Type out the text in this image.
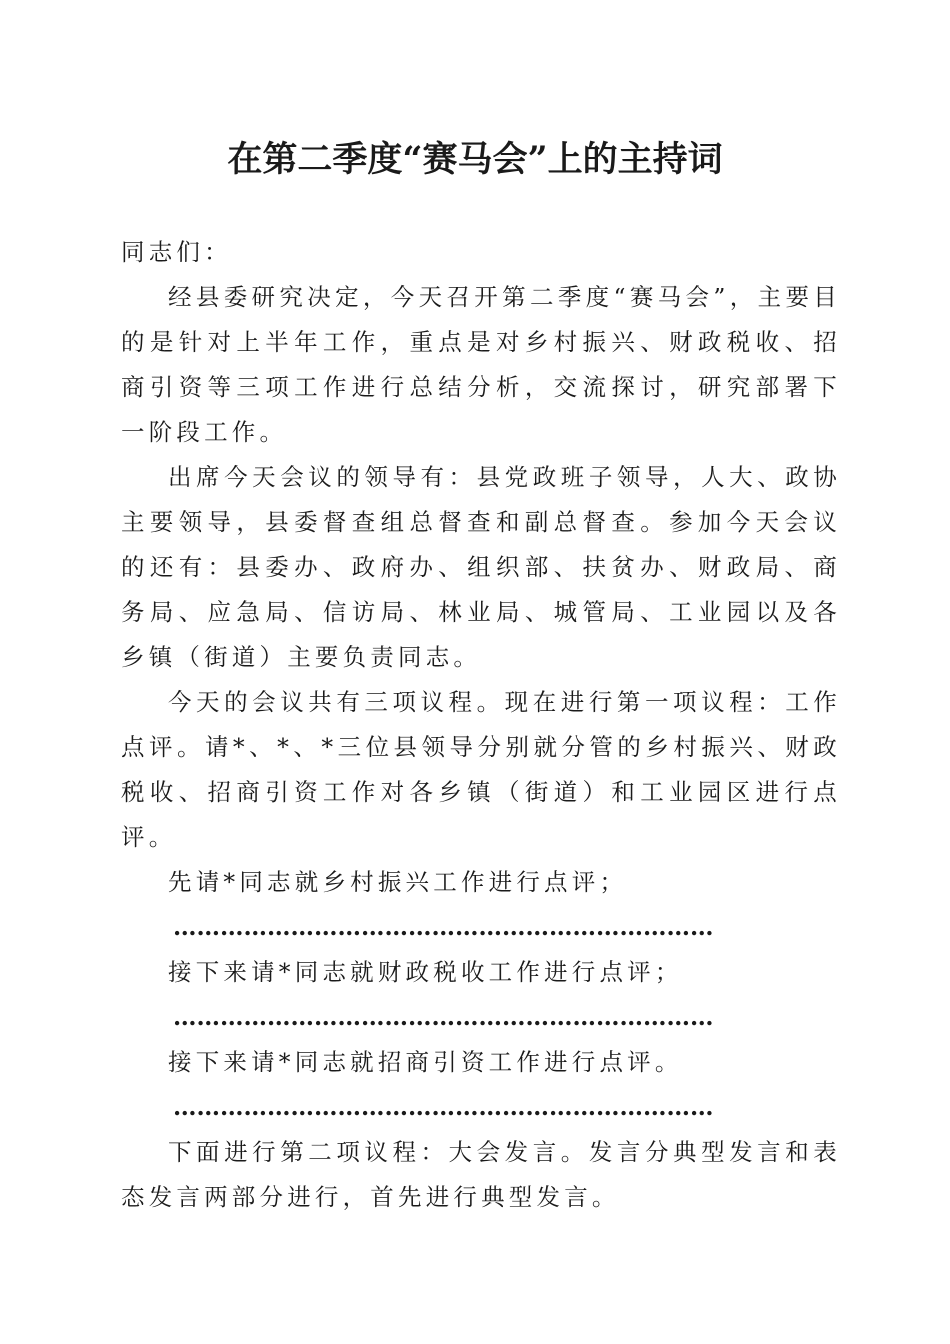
在第二季度“赛马会”上的主持词

同志们：

经县委研究决定，今天召开第二季度“赛马会”，主要目的是针对上半年工作，重点是对乡村振兴、财政税收、招商引资等三项工作进行总结分析，交流探讨，研究部署下一阶段工作。

出席今天会议的领导有：县党政班子领导，人大、政协主要领导，县委督查组总督查和副总督查。参加今天会议的还有：县委办、政府办、组织部、扶贫办、财政局、商务局、应急局、信访局、林业局、城管局、工业园以及各乡镇（街道）主要负责同志。

今天的会议共有三项议程。现在进行第一项议程：工作点评。请*、*、*三位县领导分别就分管的乡村振兴、财政税收、招商引资工作对各乡镇（街道）和工业园区进行点评。

先请*同志就乡村振兴工作进行点评；

……………………………………………………………

接下来请*同志就财政税收工作进行点评；

……………………………………………………………

接下来请*同志就招商引资工作进行点评。

……………………………………………………………

下面进行第二项议程：大会发言。发言分典型发言和表态发言两部分进行，首先进行典型发言。
